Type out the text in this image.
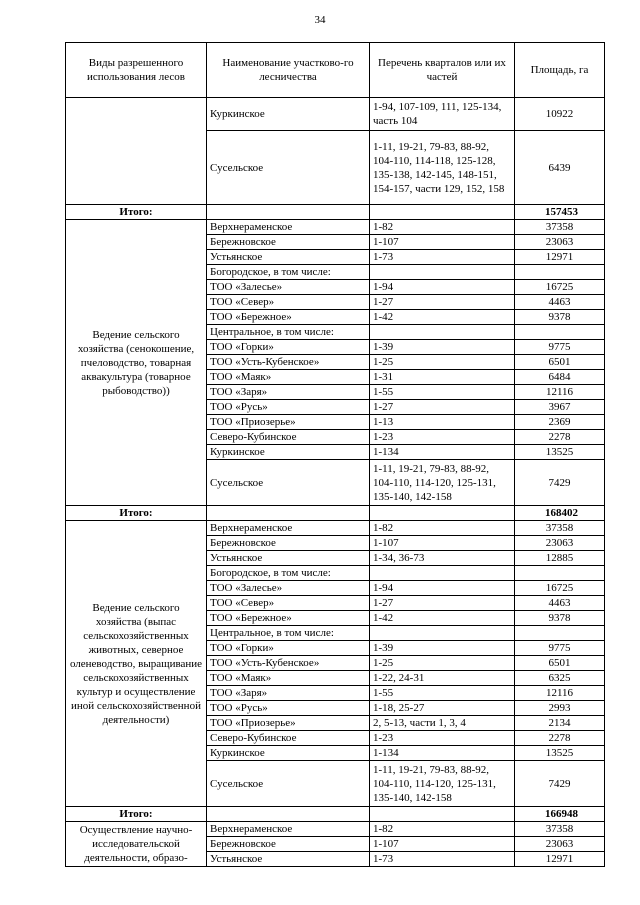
34
Виды разрешенного использования лесов	Наименование участково-го лесничества	Перечень кварталов или их частей	Площадь, га
	Куркинское	1-94, 107-109, 111, 125-134, часть 104	10922
	Сусельское	1-11, 19-21, 79-83, 88-92, 104-110, 114-118, 125-128, 135-138, 142-145, 148-151, 154-157, части 129, 152, 158	6439
Итого:			157453
Ведение сельского хозяйства (сенокошение, пчеловодство, товарная аквакультура (товарное рыбоводство))	Верхнераменское	1-82	37358
	Бережновское	1-107	23063
	Устьянское	1-73	12971
	Богородское, в том числе:		
	ТОО «Залесье»	1-94	16725
	ТОО «Север»	1-27	4463
	ТОО «Бережное»	1-42	9378
	Центральное, в том числе:		
	ТОО «Горки»	1-39	9775
	ТОО «Усть-Кубенское»	1-25	6501
	ТОО «Маяк»	1-31	6484
	ТОО «Заря»	1-55	12116
	ТОО «Русь»	1-27	3967
	ТОО «Приозерье»	1-13	2369
	Северо-Кубинское	1-23	2278
	Куркинское	1-134	13525
	Сусельское	1-11, 19-21, 79-83, 88-92, 104-110, 114-120, 125-131, 135-140, 142-158	7429
Итого:			168402
Ведение сельского хозяйства (выпас сельскохозяйственных животных, северное оленеводство, выращивание сельскохозяйственных культур и осуществление иной сельскохозяйственной деятельности)	Верхнераменское	1-82	37358
	Бережновское	1-107	23063
	Устьянское	1-34, 36-73	12885
	Богородское, в том числе:		
	ТОО «Залесье»	1-94	16725
	ТОО «Север»	1-27	4463
	ТОО «Бережное»	1-42	9378
	Центральное, в том числе:		
	ТОО «Горки»	1-39	9775
	ТОО «Усть-Кубенское»	1-25	6501
	ТОО «Маяк»	1-22, 24-31	6325
	ТОО «Заря»	1-55	12116
	ТОО «Русь»	1-18, 25-27	2993
	ТОО «Приозерье»	2, 5-13, части 1, 3, 4	2134
	Северо-Кубинское	1-23	2278
	Куркинское	1-134	13525
	Сусельское	1-11, 19-21, 79-83, 88-92, 104-110, 114-120, 125-131, 135-140, 142-158	7429
Итого:			166948
Осуществление научно-исследовательской деятельности, образо-	Верхнераменское	1-82	37358
	Бережновское	1-107	23063
	Устьянское	1-73	12971
